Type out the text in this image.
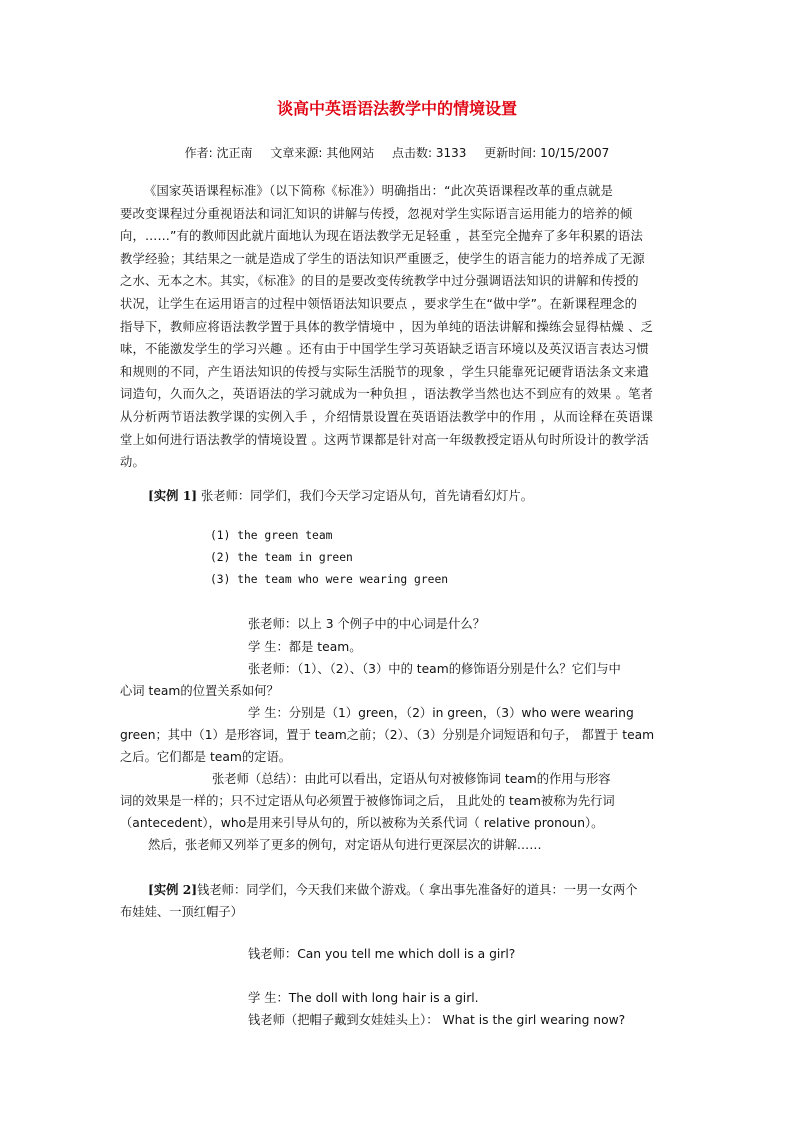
谈高中英语语法教学中的情境设置
作者: 沈正南 文章来源: 其他网站 点击数: 3133 更新时间: 10/15/2007
《国家英语课程标准》（以下简称《标准》）明确指出：“此次英语课程改革的重点就是
要改变课程过分重视语法和词汇知识的讲解与传授，忽视对学生实际语言运用能力的培养的倾
向，……”有的教师因此就片面地认为现在语法教学无足轻重 ，甚至完全抛弃了多年积累的语法
教学经验；其结果之一就是造成了学生的语法知识严重匮乏，使学生的语言能力的培养成了无源
之水、无本之木。其实，《标准》的目的是要改变传统教学中过分强调语法知识的讲解和传授的
状况，让学生在运用语言的过程中领悟语法知识要点 ，要求学生在“做中学”。在新课程理念的
指导下，教师应将语法教学置于具体的教学情境中 ，因为单纯的语法讲解和操练会显得枯燥 、乏
味，不能激发学生的学习兴趣 。还有由于中国学生学习英语缺乏语言环境以及英汉语言表达习惯
和规则的不同，产生语法知识的传授与实际生活脱节的现象 ，学生只能靠死记硬背语法条文来遣
词造句，久而久之，英语语法的学习就成为一种负担 ，语法教学当然也达不到应有的效果 。笔者
从分析两节语法教学课的实例入手 ，介绍情景设置在英语语法教学中的作用 ，从而诠释在英语课
堂上如何进行语法教学的情境设置 。这两节课都是针对高一年级教授定语从句时所设计的教学活
动。
[实例 1] 张老师：同学们，我们今天学习定语从句，首先请看幻灯片。
(1) the green team
(2) the team in green
(3) the team who were wearing green
张老师：以上 3 个例子中的中心词是什么？
学 生：都是 team。
张老师：（1）、（2）、（3）中的 team的修饰语分别是什么？它们与中
心词 team的位置关系如何？
学 生：分别是（1）green，（2）in green，（3）who were wearing
green；其中（1）是形容词，置于 team之前；（2）、（3）分别是介词短语和句子， 都置于 team
之后。它们都是 team的定语。
张老师（总结）：由此可以看出，定语从句对被修饰词 team的作用与形容
词的效果是一样的；只不过定语从句必须置于被修饰词之后， 且此处的 team被称为先行词
（antecedent），who是用来引导从句的，所以被称为关系代词（ relative pronoun）。
然后，张老师又列举了更多的例句，对定语从句进行更深层次的讲解……
[实例 2]钱老师：同学们，今天我们来做个游戏。（ 拿出事先准备好的道具：一男一女两个
布娃娃、一顶红帽子）
钱老师：Can you tell me which doll is a girl?
学 生：The doll with long hair is a girl.
钱老师（把帽子戴到女娃娃头上）： What is the girl wearing now?
